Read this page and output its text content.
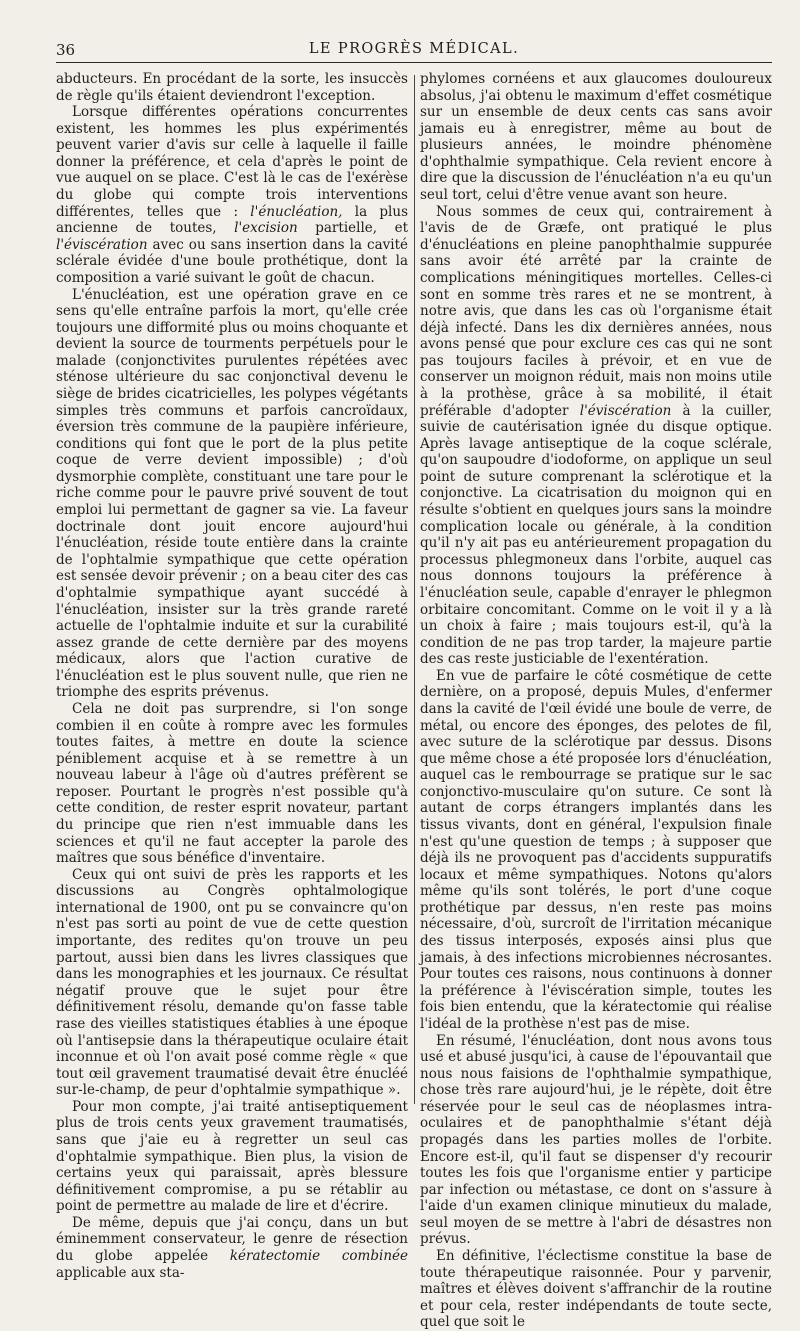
36	LE PROGRÈS MÉDICAL.

abducteurs. En procédant de la sorte, les insuccès de règle qu'ils étaient deviendront l'exception.

Lorsque différentes opérations concurrentes existent, les hommes les plus expérimentés peuvent varier d'avis sur celle à laquelle il faille donner la préférence, et cela d'après le point de vue auquel on se place. C'est là le cas de l'exérèse du globe qui compte trois interventions différentes, telles que : l'énucléation, la plus ancienne de toutes, l'excision partielle, et l'éviscération avec ou sans insertion dans la cavité sclérale évidée d'une boule prothétique, dont la composition a varié suivant le goût de chacun.

L'énucléation, est une opération grave en ce sens qu'elle entraîne parfois la mort, qu'elle crée toujours une difformité plus ou moins choquante et devient la source de tourments perpétuels pour le malade (conjonctivites purulentes répétées avec sténose ultérieure du sac conjonctival devenu le siège de brides cicatricielles, les polypes végétants simples très communs et parfois cancroïdaux, éversion très commune de la paupière inférieure, conditions qui font que le port de la plus petite coque de verre devient impossible) ; d'où dysmorphie complète, constituant une tare pour le riche comme pour le pauvre privé souvent de tout emploi lui permettant de gagner sa vie. La faveur doctrinale dont jouit encore aujourd'hui l'énucléation, réside toute entière dans la crainte de l'ophtalmie sympathique que cette opération est sensée devoir prévenir ; on a beau citer des cas d'ophtalmie sympathique ayant succédé à l'énucléation, insister sur la très grande rareté actuelle de l'ophtalmie induite et sur la curabilité assez grande de cette dernière par des moyens médicaux, alors que l'action curative de l'énucléation est le plus souvent nulle, que rien ne triomphe des esprits prévenus.

Cela ne doit pas surprendre, si l'on songe combien il en coûte à rompre avec les formules toutes faites, à mettre en doute la science péniblement acquise et à se remettre à un nouveau labeur à l'âge où d'autres préfèrent se reposer. Pourtant le progrès n'est possible qu'à cette condition, de rester esprit novateur, partant du principe que rien n'est immuable dans les sciences et qu'il ne faut accepter la parole des maîtres que sous bénéfice d'inventaire.

Ceux qui ont suivi de près les rapports et les discussions au Congrès ophtalmologique international de 1900, ont pu se convaincre qu'on n'est pas sorti au point de vue de cette question importante, des redites qu'on trouve un peu partout, aussi bien dans les livres classiques que dans les monographies et les journaux. Ce résultat négatif prouve que le sujet pour être définitivement résolu, demande qu'on fasse table rase des vieilles statistiques établies à une époque où l'antisepsie dans la thérapeutique oculaire était inconnue et où l'on avait posé comme règle « que tout œil gravement traumatisé devait être énucléé sur-le-champ, de peur d'ophtalmie sympathique ».

Pour mon compte, j'ai traité antiseptiquement plus de trois cents yeux gravement traumatisés, sans que j'aie eu à regretter un seul cas d'ophtalmie sympathique. Bien plus, la vision de certains yeux qui paraissait, après blessure définitivement compromise, a pu se rétablir au point de permettre au malade de lire et d'écrire.

De même, depuis que j'ai conçu, dans un but éminemment conservateur, le genre de résection du globe appelée kératectomie combinée applicable aux sta-

phylomes cornéens et aux glaucomes douloureux absolus, j'ai obtenu le maximum d'effet cosmétique sur un ensemble de deux cents cas sans avoir jamais eu à enregistrer, même au bout de plusieurs années, le moindre phénomène d'ophthalmie sympathique. Cela revient encore à dire que la discussion de l'énucléation n'a eu qu'un seul tort, celui d'être venue avant son heure.

Nous sommes de ceux qui, contrairement à l'avis de de Græfe, ont pratiqué le plus d'énucléations en pleine panophthalmie suppurée sans avoir été arrêté par la crainte de complications méningitiques mortelles. Celles-ci sont en somme très rares et ne se montrent, à notre avis, que dans les cas où l'organisme était déjà infecté. Dans les dix dernières années, nous avons pensé que pour exclure ces cas qui ne sont pas toujours faciles à prévoir, et en vue de conserver un moignon réduit, mais non moins utile à la prothèse, grâce à sa mobilité, il était préférable d'adopter l'éviscération à la cuiller, suivie de cautérisation ignée du disque optique. Après lavage antiseptique de la coque sclérale, qu'on saupoudre d'iodoforme, on applique un seul point de suture comprenant la sclérotique et la conjonctive. La cicatrisation du moignon qui en résulte s'obtient en quelques jours sans la moindre complication locale ou générale, à la condition qu'il n'y ait pas eu antérieurement propagation du processus phlegmoneux dans l'orbite, auquel cas nous donnons toujours la préférence à l'énucléation seule, capable d'enrayer le phlegmon orbitaire concomitant. Comme on le voit il y a là un choix à faire ; mais toujours est-il, qu'à la condition de ne pas trop tarder, la majeure partie des cas reste justiciable de l'exentération.

En vue de parfaire le côté cosmétique de cette dernière, on a proposé, depuis Mules, d'enfermer dans la cavité de l'œil évidé une boule de verre, de métal, ou encore des éponges, des pelotes de fil, avec suture de la sclérotique par dessus. Disons que même chose a été proposée lors d'énucléation, auquel cas le rembourrage se pratique sur le sac conjonctivo-musculaire qu'on suture. Ce sont là autant de corps étrangers implantés dans les tissus vivants, dont en général, l'expulsion finale n'est qu'une question de temps ; à supposer que déjà ils ne provoquent pas d'accidents suppuratifs locaux et même sympathiques. Notons qu'alors même qu'ils sont tolérés, le port d'une coque prothétique par dessus, n'en reste pas moins nécessaire, d'où, surcroît de l'irritation mécanique des tissus interposés, exposés ainsi plus que jamais, à des infections microbiennes nécrosantes. Pour toutes ces raisons, nous continuons à donner la préférence à l'éviscération simple, toutes les fois bien entendu, que la kératectomie qui réalise l'idéal de la prothèse n'est pas de mise.

En résumé, l'énucléation, dont nous avons tous usé et abusé jusqu'ici, à cause de l'épouvantail que nous nous faisions de l'ophthalmie sympathique, chose très rare aujourd'hui, je le répète, doit être réservée pour le seul cas de néoplasmes intra-oculaires et de panophthalmie s'étant déjà propagés dans les parties molles de l'orbite. Encore est-il, qu'il faut se dispenser d'y recourir toutes les fois que l'organisme entier y participe par infection ou métastase, ce dont on s'assure à l'aide d'un examen clinique minutieux du malade, seul moyen de se mettre à l'abri de désastres non prévus.

En définitive, l'éclectisme constitue la base de toute thérapeutique raisonnée. Pour y parvenir, maîtres et élèves doivent s'affranchir de la routine et pour cela, rester indépendants de toute secte, quel que soit le
